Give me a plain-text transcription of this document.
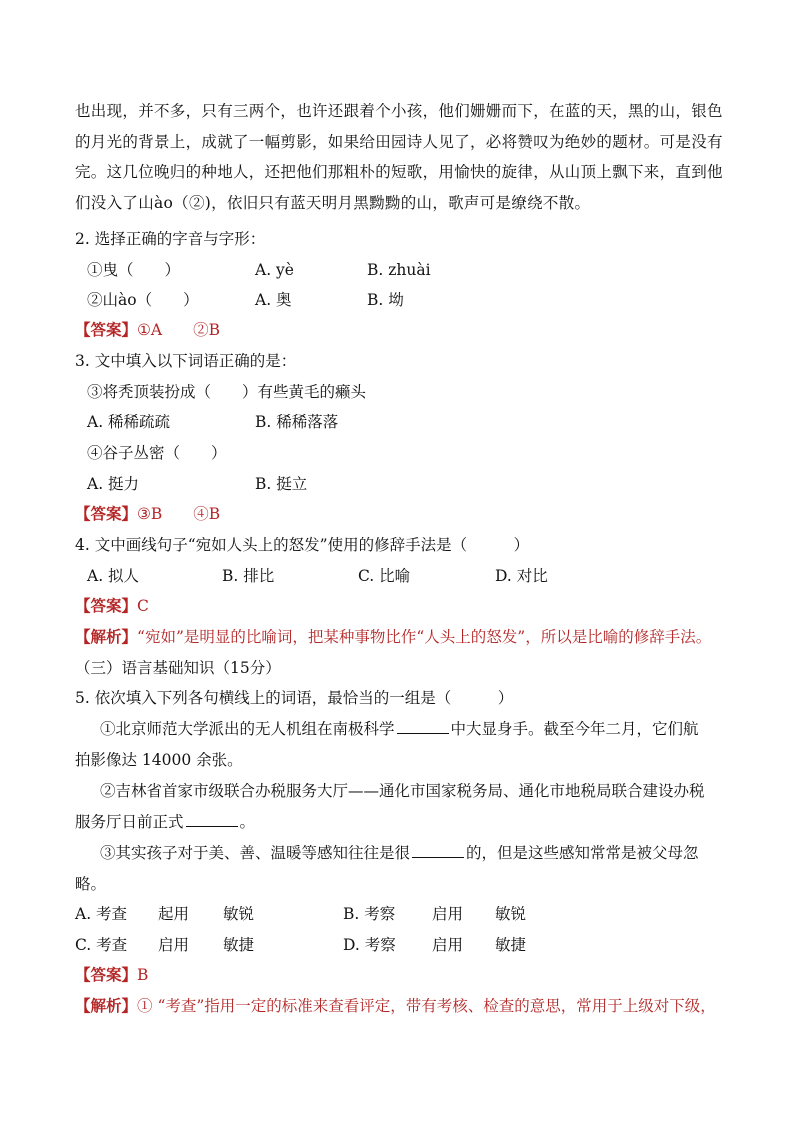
也出现，并不多，只有三两个，也许还跟着个小孩，他们姗姗而下，在蓝的天，黑的山，银色

的月光的背景上，成就了一幅剪影，如果给田园诗人见了，必将赞叹为绝妙的题材。可是没有

完。这几位晚归的种地人，还把他们那粗朴的短歌，用愉快的旋律，从山顶上飘下来，直到他

们没入了山ào（②)，依旧只有蓝天明月黑黝黝的山，歌声可是缭绕不散。

2. 选择正确的字音与字形：
①曳（　　）	A. yè	B. zhuài
②山ào（　　）	A. 奥	B. 坳
【答案】①A　　②B
3. 文中填入以下词语正确的是：
③将秃顶装扮成（　　）有些黄毛的癞头
A. 稀稀疏疏	B. 稀稀落落
④谷子丛密（　　）
A. 挺力	B. 挺立
【答案】③B　　④B
4. 文中画线句子“宛如人头上的怒发”使用的修辞手法是（　　　）
A. 拟人	B. 排比	C. 比喻	D. 对比
【答案】C
【解析】“宛如”是明显的比喻词，把某种事物比作“人头上的怒发”，所以是比喻的修辞手法。
（三）语言基础知识（15分）
5. 依次填入下列各句横线上的词语，最恰当的一组是（　　　）
①北京师范大学派出的无人机组在南极科学	中大显身手。截至今年二月，它们航
拍影像达 14000 余张。
②吉林省首家市级联合办税服务大厅——通化市国家税务局、通化市地税局联合建设办税
服务厅日前正式	。
③其实孩子对于美、善、温暖等感知往往是很	的，但是这些感知常常是被父母忽
略。
A. 考查 起用 敏锐	B. 考察 启用 敏锐
C. 考查 启用 敏捷	D. 考察 启用 敏捷
【答案】B
【解析】① “考查”指用一定的标准来查看评定，带有考核、检查的意思，常用于上级对下级，
